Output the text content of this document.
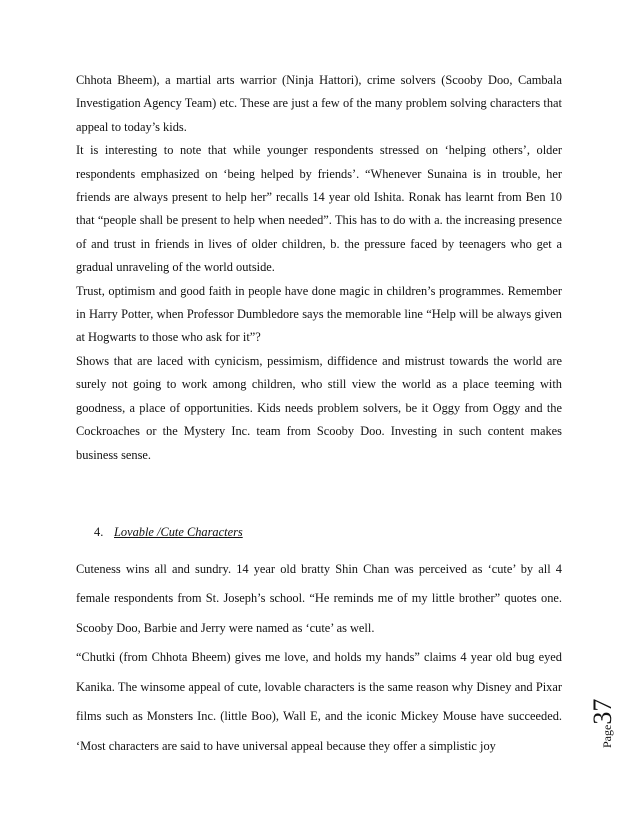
Chhota Bheem), a martial arts warrior (Ninja Hattori), crime solvers (Scooby Doo, Cambala Investigation Agency Team) etc. These are just a few of the many problem solving characters that appeal to today’s kids.

It is interesting to note that while younger respondents stressed on ‘helping others’, older respondents emphasized on ‘being helped by friends’. “Whenever Sunaina is in trouble, her friends are always present to help her” recalls 14 year old Ishita. Ronak has learnt from Ben 10 that “people shall be present to help when needed”. This has to do with a. the increasing presence of and trust in friends in lives of older children, b. the pressure faced by teenagers who get a gradual unraveling of the world outside.

Trust, optimism and good faith in people have done magic in children’s programmes. Remember in Harry Potter, when Professor Dumbledore says the memorable line “Help will be always given at Hogwarts to those who ask for it”?

Shows that are laced with cynicism, pessimism, diffidence and mistrust towards the world are surely not going to work among children, who still view the world as a place teeming with goodness, a place of opportunities. Kids needs problem solvers, be it Oggy from Oggy and the Cockroaches or the Mystery Inc. team from Scooby Doo. Investing in such content makes business sense.

4. Lovable /Cute Characters

Cuteness wins all and sundry. 14 year old bratty Shin Chan was perceived as ‘cute’ by all 4 female respondents from St. Joseph’s school. “He reminds me of my little brother” quotes one. Scooby Doo, Barbie and Jerry were named as ‘cute’ as well.

“Chutki (from Chhota Bheem) gives me love, and holds my hands” claims 4 year old bug eyed Kanika. The winsome appeal of cute, lovable characters is the same reason why Disney and Pixar films such as Monsters Inc. (little Boo), Wall E, and the iconic Mickey Mouse have succeeded. ‘Most characters are said to have universal appeal because they offer a simplistic joy	Page37
